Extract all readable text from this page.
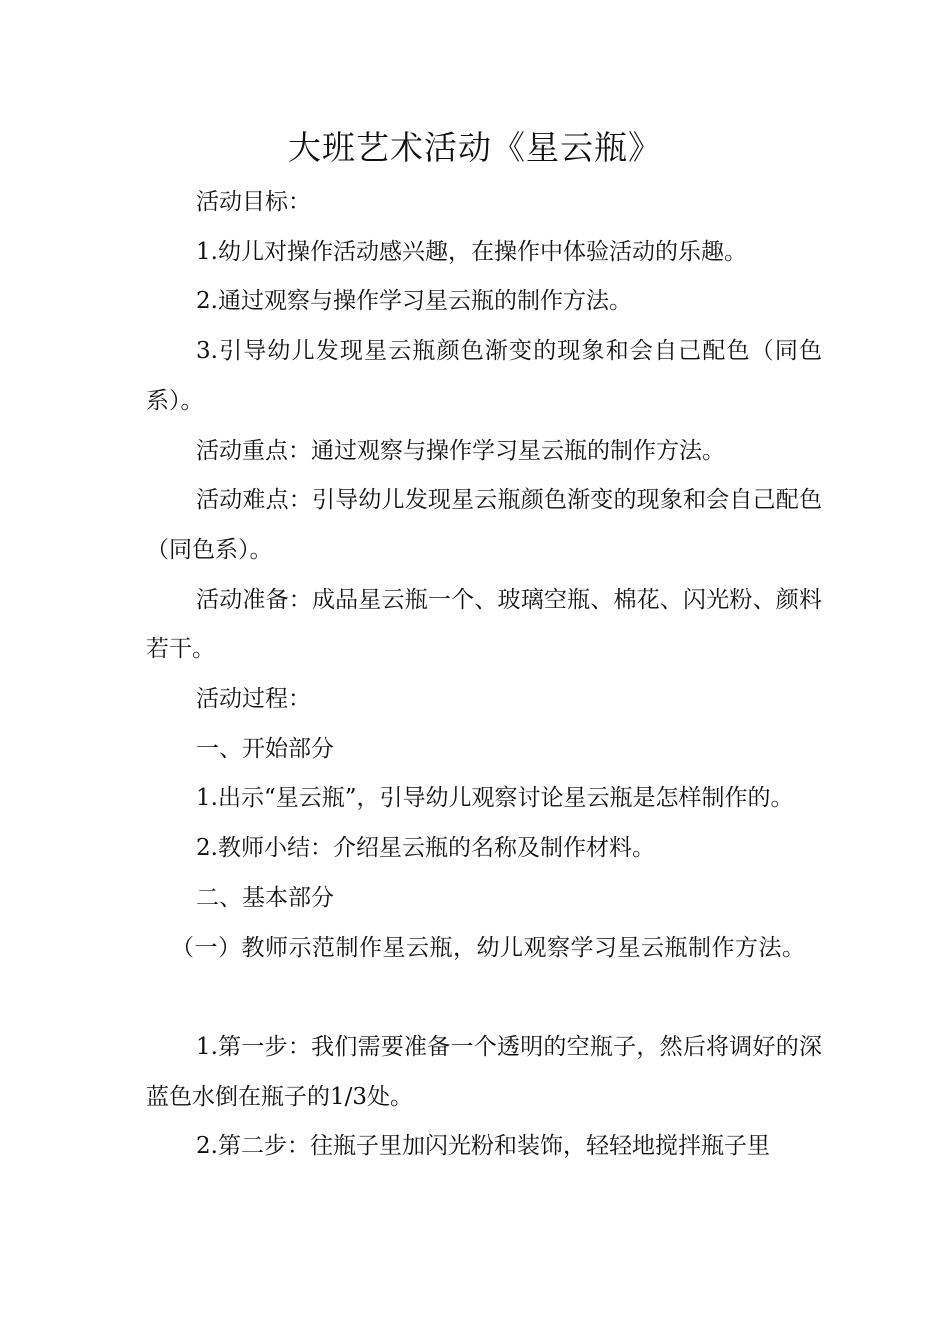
大班艺术活动《星云瓶》

活动目标：

1.幼儿对操作活动感兴趣，在操作中体验活动的乐趣。

2.通过观察与操作学习星云瓶的制作方法。

3.引导幼儿发现星云瓶颜色渐变的现象和会自己配色（同色系）。

活动重点：通过观察与操作学习星云瓶的制作方法。

活动难点：引导幼儿发现星云瓶颜色渐变的现象和会自己配色（同色系）。

活动准备：成品星云瓶一个、玻璃空瓶、棉花、闪光粉、颜料若干。

活动过程：

一、开始部分

1.出示“星云瓶”，引导幼儿观察讨论星云瓶是怎样制作的。

2.教师小结：介绍星云瓶的名称及制作材料。

二、基本部分

（一）教师示范制作星云瓶，幼儿观察学习星云瓶制作方法。

1.第一步：我们需要准备一个透明的空瓶子，然后将调好的深蓝色水倒在瓶子的1/3处。

2.第二步：往瓶子里加闪光粉和装饰，轻轻地搅拌瓶子里
